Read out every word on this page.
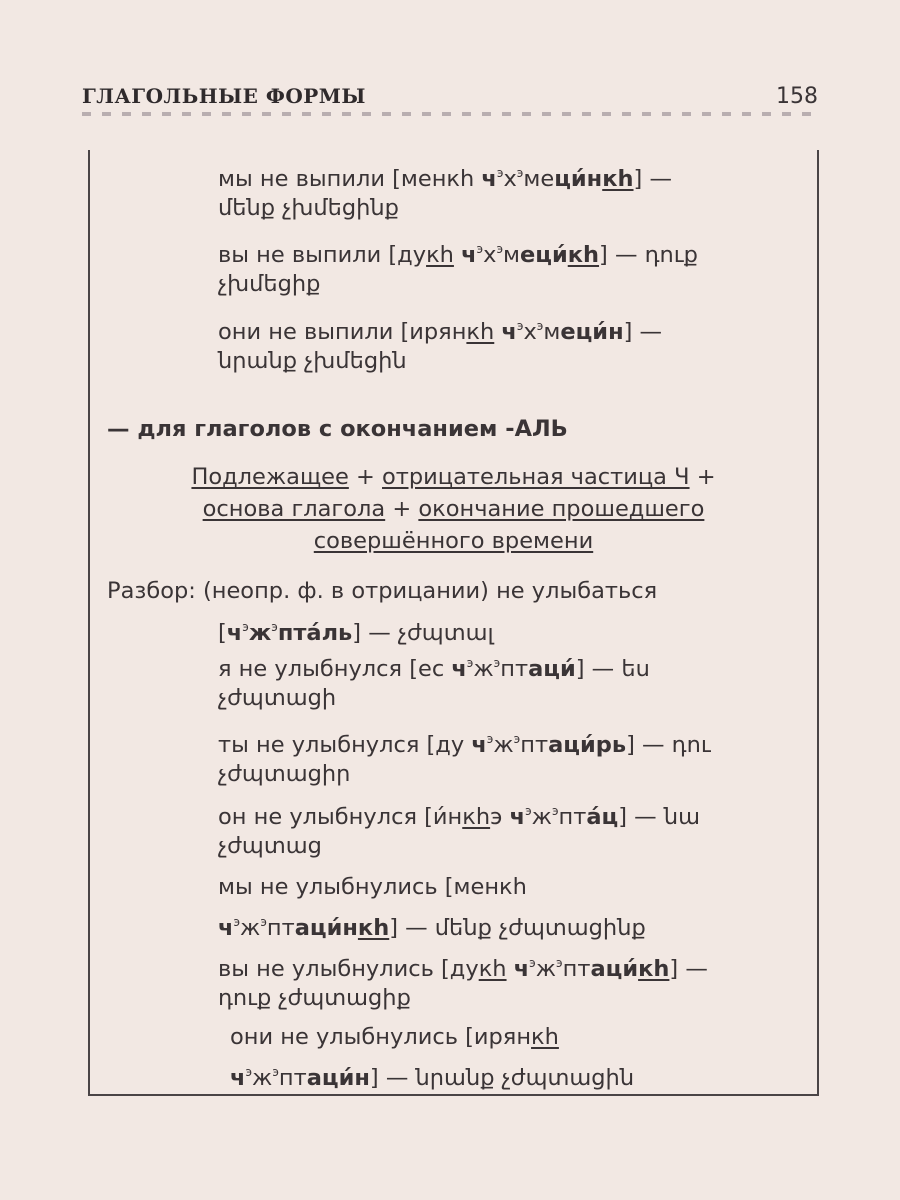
ГЛАГОЛЬНЫЕ ФОРМЫ	158
мы не выпили [менкһ $ч^эх^эмеци́нкһ$] —
մենք չխմեցինք
вы не выпили [дукһ $ч^эх^эмеци́кһ$] — դուք
չխմեցիք
они не выпили [ирянкһ $ч^эх^эмеци́н$] —
նրանք չխմեցին
— для глаголов с окончанием -АЛЬ
Подлежащее + отрицательная частица Ч +
основа глагола + окончание прошедшего
совершённого времени
Разбор: (неопр. ф. в отрицании) не улыбаться
$[ч^эж^эпта́ль]$ — չժպտալ
я не улыбнулся [ес $ч^эж^эптаци́$] — ես
չժպտացի
ты не улыбнулся [ду $ч^эж^эптаци́рь$] — դու
չժպտացիր
он не улыбнулся [и́нкһэ $ч^эж^эпта́ц$] — նա
չժպտաց
мы не улыбнулись [менкһ
$ч^эж^эптаци́нкһ$] — մենք չժպտացինք
вы не улыбнулись [дукһ $ч^эж^эптаци́кһ$] —
դուք չժպտացիք
они не улыбнулись [ирянкһ
$ч^эж^эптаци́н$] — նրանք չժպտացին
